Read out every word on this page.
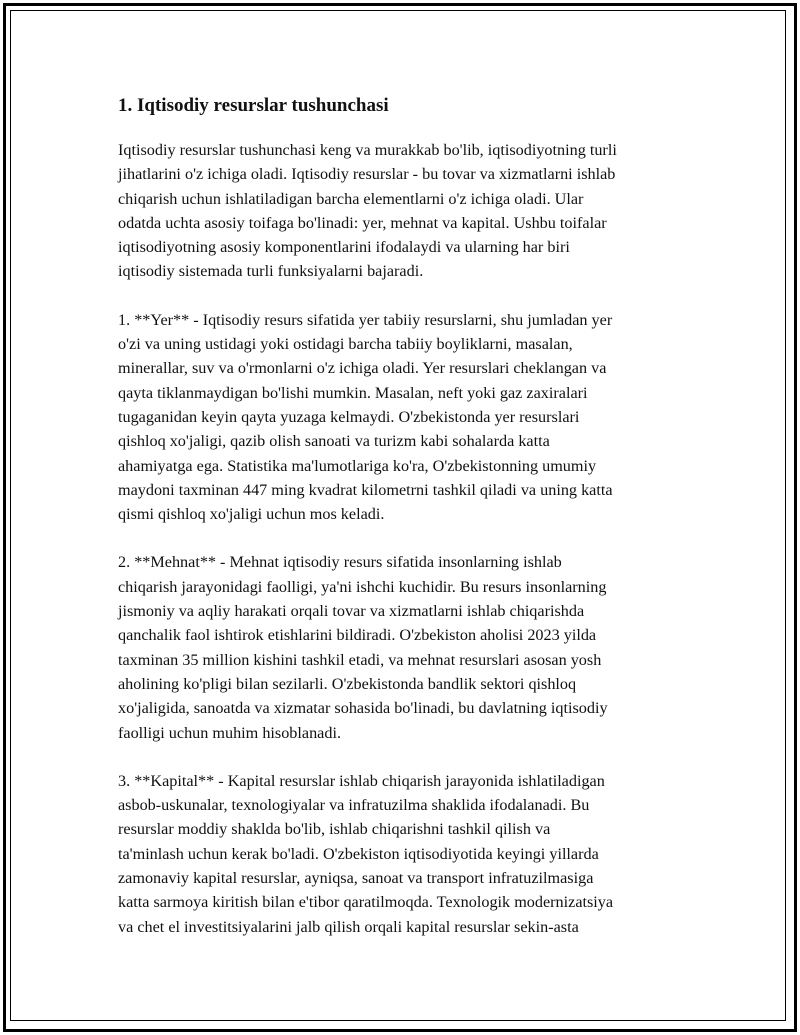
1. Iqtisodiy resurslar tushunchasi

Iqtisodiy resurslar tushunchasi keng va murakkab bo'lib, iqtisodiyotning turli
jihatlarini o'z ichiga oladi. Iqtisodiy resurslar - bu tovar va xizmatlarni ishlab
chiqarish uchun ishlatiladigan barcha elementlarni o'z ichiga oladi. Ular
odatda uchta asosiy toifaga bo'linadi: yer, mehnat va kapital. Ushbu toifalar
iqtisodiyotning asosiy komponentlarini ifodalaydi va ularning har biri
iqtisodiy sistemada turli funksiyalarni bajaradi.

1. **Yer** - Iqtisodiy resurs sifatida yer tabiiy resurslarni, shu jumladan yer
o'zi va uning ustidagi yoki ostidagi barcha tabiiy boyliklarni, masalan,
minerallar, suv va o'rmonlarni o'z ichiga oladi. Yer resurslari cheklangan va
qayta tiklanmaydigan bo'lishi mumkin. Masalan, neft yoki gaz zaxiralari
tugaganidan keyin qayta yuzaga kelmaydi. O'zbekistonda yer resurslari
qishloq xo'jaligi, qazib olish sanoati va turizm kabi sohalarda katta
ahamiyatga ega. Statistika ma'lumotlariga ko'ra, O'zbekistonning umumiy
maydoni taxminan 447 ming kvadrat kilometrni tashkil qiladi va uning katta
qismi qishloq xo'jaligi uchun mos keladi.

2. **Mehnat** - Mehnat iqtisodiy resurs sifatida insonlarning ishlab
chiqarish jarayonidagi faolligi, ya'ni ishchi kuchidir. Bu resurs insonlarning
jismoniy va aqliy harakati orqali tovar va xizmatlarni ishlab chiqarishda
qanchalik faol ishtirok etishlarini bildiradi. O'zbekiston aholisi 2023 yilda
taxminan 35 million kishini tashkil etadi, va mehnat resurslari asosan yosh
aholining ko'pligi bilan sezilarli. O'zbekistonda bandlik sektori qishloq
xo'jaligida, sanoatda va xizmatar sohasida bo'linadi, bu davlatning iqtisodiy
faolligi uchun muhim hisoblanadi.

3. **Kapital** - Kapital resurslar ishlab chiqarish jarayonida ishlatiladigan
asbob-uskunalar, texnologiyalar va infratuzilma shaklida ifodalanadi. Bu
resurslar moddiy shaklda bo'lib, ishlab chiqarishni tashkil qilish va
ta'minlash uchun kerak bo'ladi. O'zbekiston iqtisodiyotida keyingi yillarda
zamonaviy kapital resurslar, ayniqsa, sanoat va transport infratuzilmasiga
katta sarmoya kiritish bilan e'tibor qaratilmoqda. Texnologik modernizatsiya
va chet el investitsiyalarini jalb qilish orqali kapital resurslar sekin-asta
